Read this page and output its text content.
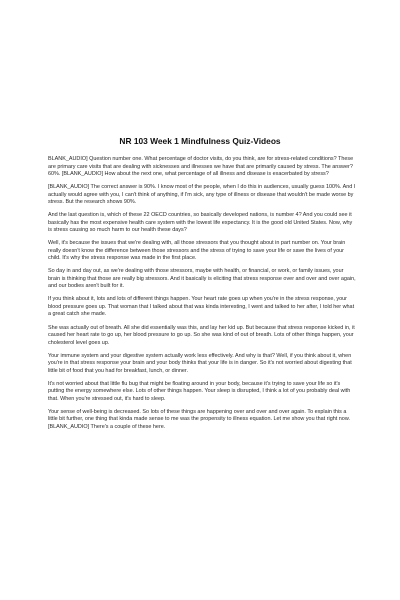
NR 103 Week 1 Mindfulness Quiz-Videos

BLANK_AUDIO] Question number one. What percentage of doctor visits, do you think, are for stress-related conditions? These are primary care visits that are dealing with sicknesses and illnesses we have that are primarily caused by stress. The answer? 60%. [BLANK_AUDIO] How about the next one, what percentage of all illness and disease is exacerbated by stress?

[BLANK_AUDIO] The correct answer is 90%. I know most of the people, when I do this in audiences, usually guess 100%. And I actually would agree with you, I can't think of anything, if I'm sick, any type of illness or disease that wouldn't be made worse by stress. But the research shows 90%.

And the last question is, which of these 22 OECD countries, so basically developed nations, is number 4? And you could see it basically has the most expensive health care system with the lowest life expectancy. It is the good old United States. Now, why is stress causing so much harm to our health these days?

Well, it's because the issues that we're dealing with, all those stressors that you thought about in part number on. Your brain really doesn't know the difference between those stressors and the stress of trying to save your life or save the lives of your child. It's why the stress response was made in the first place.

So day in and day out, as we're dealing with those stressors, maybe with health, or financial, or work, or family issues, your brain is thinking that those are really big stressors. And it basically is eliciting that stress response over and over and over again, and our bodies aren't built for it.

If you think about it, lots and lots of different things happen. Your heart rate goes up when you're in the stress response, your blood pressure goes up. That woman that I talked about that was kinda interesting, I went and talked to her after, I told her what a great catch she made.

She was actually out of breath. All she did essentially was this, and lay her kid up. But because that stress response kicked in, it caused her heart rate to go up, her blood pressure to go up. So she was kind of out of breath. Lots of other things happen, your cholesterol level goes up.

Your immune system and your digestive system actually work less effectively. And why is that? Well, if you think about it, when you're in that stress response your brain and your body thinks that your life is in danger. So it's not worried about digesting that little bit of food that you had for breakfast, lunch, or dinner.

It's not worried about that little flu bug that might be floating around in your body, because it's trying to save your life so it's putting the energy somewhere else. Lots of other things happen. Your sleep is disrupted, I think a lot of you probably deal with that. When you're stressed out, it's hard to sleep.

Your sense of well-being is decreased. So lots of these things are happening over and over and over again. To explain this a little bit further, one thing that kinda made sense to me was the propensity to illness equation. Let me show you that right now. [BLANK_AUDIO] There's a couple of these here.
